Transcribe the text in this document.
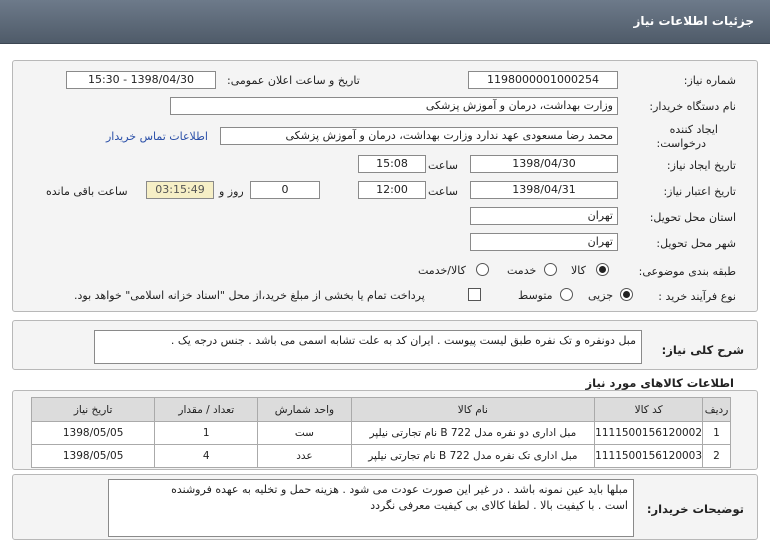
جزئیات اطلاعات نیاز
شماره نیاز:
1198000001000254
تاریخ و ساعت اعلان عمومی:
1398/04/30 - 15:30
نام دستگاه خریدار:
وزارت بهداشت، درمان و آموزش پزشکی
ایجاد کننده
درخواست:
محمد رضا مسعودی عهد ندارد وزارت بهداشت، درمان و آموزش پزشکی
اطلاعات تماس خریدار
تاریخ ایجاد نیاز:
1398/04/30
ساعت
15:08
تاریخ اعتبار نیاز:
1398/04/31
ساعت
12:00
0
روز و
03:15:49
ساعت باقی مانده
استان محل تحویل:
تهران
شهر محل تحویل:
تهران
طبقه بندی موضوعی:
کالا
خدمت
کالا/خدمت
نوع فرآیند خرید :
جزیی
متوسط
پرداخت تمام یا بخشی از مبلغ خرید،از محل "اسناد خزانه اسلامی" خواهد بود.
شرح کلی نیاز:
مبل دونفره و تک نفره طبق لیست پیوست . ایران کد به علت تشابه اسمی می باشد . جنس درجه یک .
اطلاعات کالاهای مورد نیاز
ردیف	کد کالا	نام کالا	واحد شمارش	تعداد / مقدار	تاریخ نیاز
1	1111500156120002	مبل اداری دو نفره مدل B 722 نام تجارتی نیلپر	ست	1	1398/05/05
2	1111500156120003	مبل اداری تک نفره مدل B 722 نام تجارتی نیلپر	عدد	4	1398/05/05
توضیحات خریدار:
مبلها باید عین نمونه باشد . در غیر این صورت عودت می شود . هزینه حمل و تخلیه به عهده فروشنده
است . با کیفیت بالا . لطفا کالای بی کیفیت معرفی نگردد
